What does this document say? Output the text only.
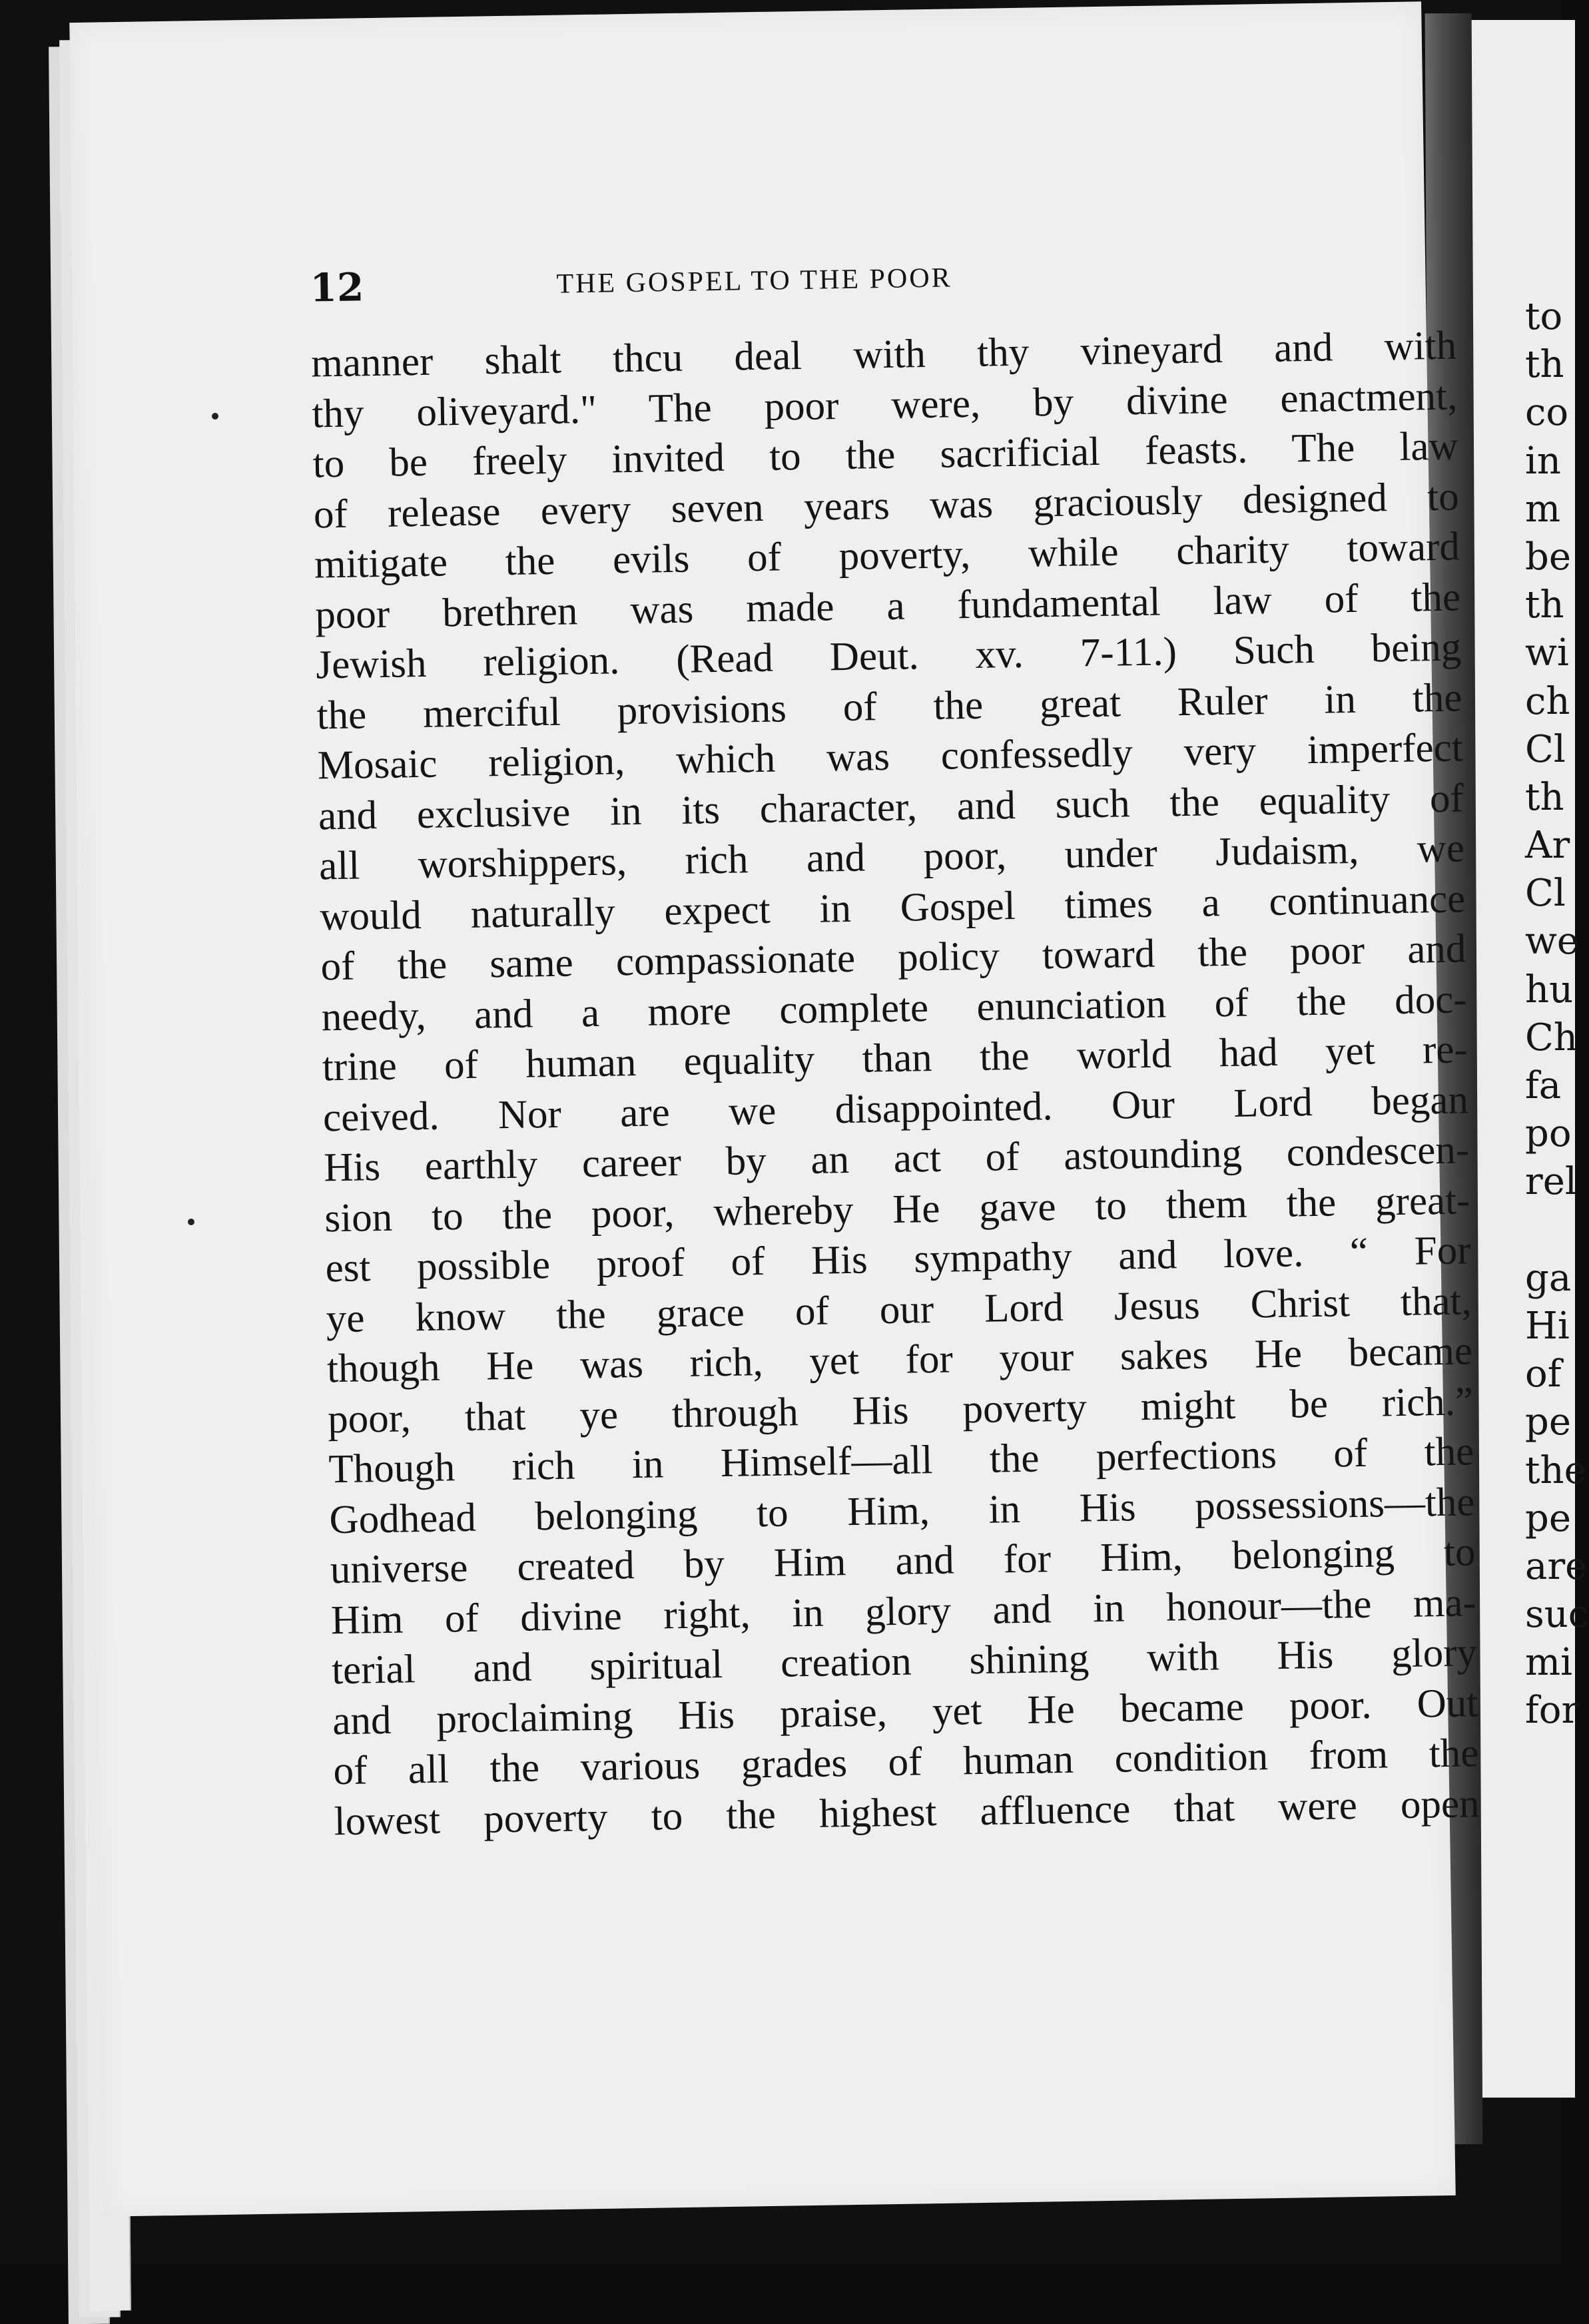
12	THE GOSPEL TO THE POOR
manner shalt thcu deal with thy vineyard and with
thy oliveyard." The poor were, by divine enactment,
to be freely invited to the sacrificial feasts. The law
of release every seven years was graciously designed to
mitigate the evils of poverty, while charity toward
poor brethren was made a fundamental law of the
Jewish religion. (Read Deut. xv. 7-11.) Such being
the merciful provisions of the great Ruler in the
Mosaic religion, which was confessedly very imperfect
and exclusive in its character, and such the equality of
all worshippers, rich and poor, under Judaism, we
would naturally expect in Gospel times a continuance
of the same compassionate policy toward the poor and
needy, and a more complete enunciation of the doc-
trine of human equality than the world had yet re-
ceived. Nor are we disappointed. Our Lord began
His earthly career by an act of astounding condescen-
sion to the poor, whereby He gave to them the great-
est possible proof of His sympathy and love. “ For
ye know the grace of our Lord Jesus Christ that,
though He was rich, yet for your sakes He became
poor, that ye through His poverty might be rich.”
Though rich in Himself—all the perfections of the
Godhead belonging to Him, in His possessions—the
universe created by Him and for Him, belonging to
Him of divine right, in glory and in honour—the ma-
terial and spiritual creation shining with His glory
and proclaiming His praise, yet He became poor. Out
of all the various grades of human condition from the
lowest poverty to the highest affluence that were open
to
th
co
in
m
be
th
wi
ch
Cl
th
Ar
Cl
we
hu
Ch
fa
po
rel
ga
Hi
of
pe
the
pe
are
suc
mi
for
